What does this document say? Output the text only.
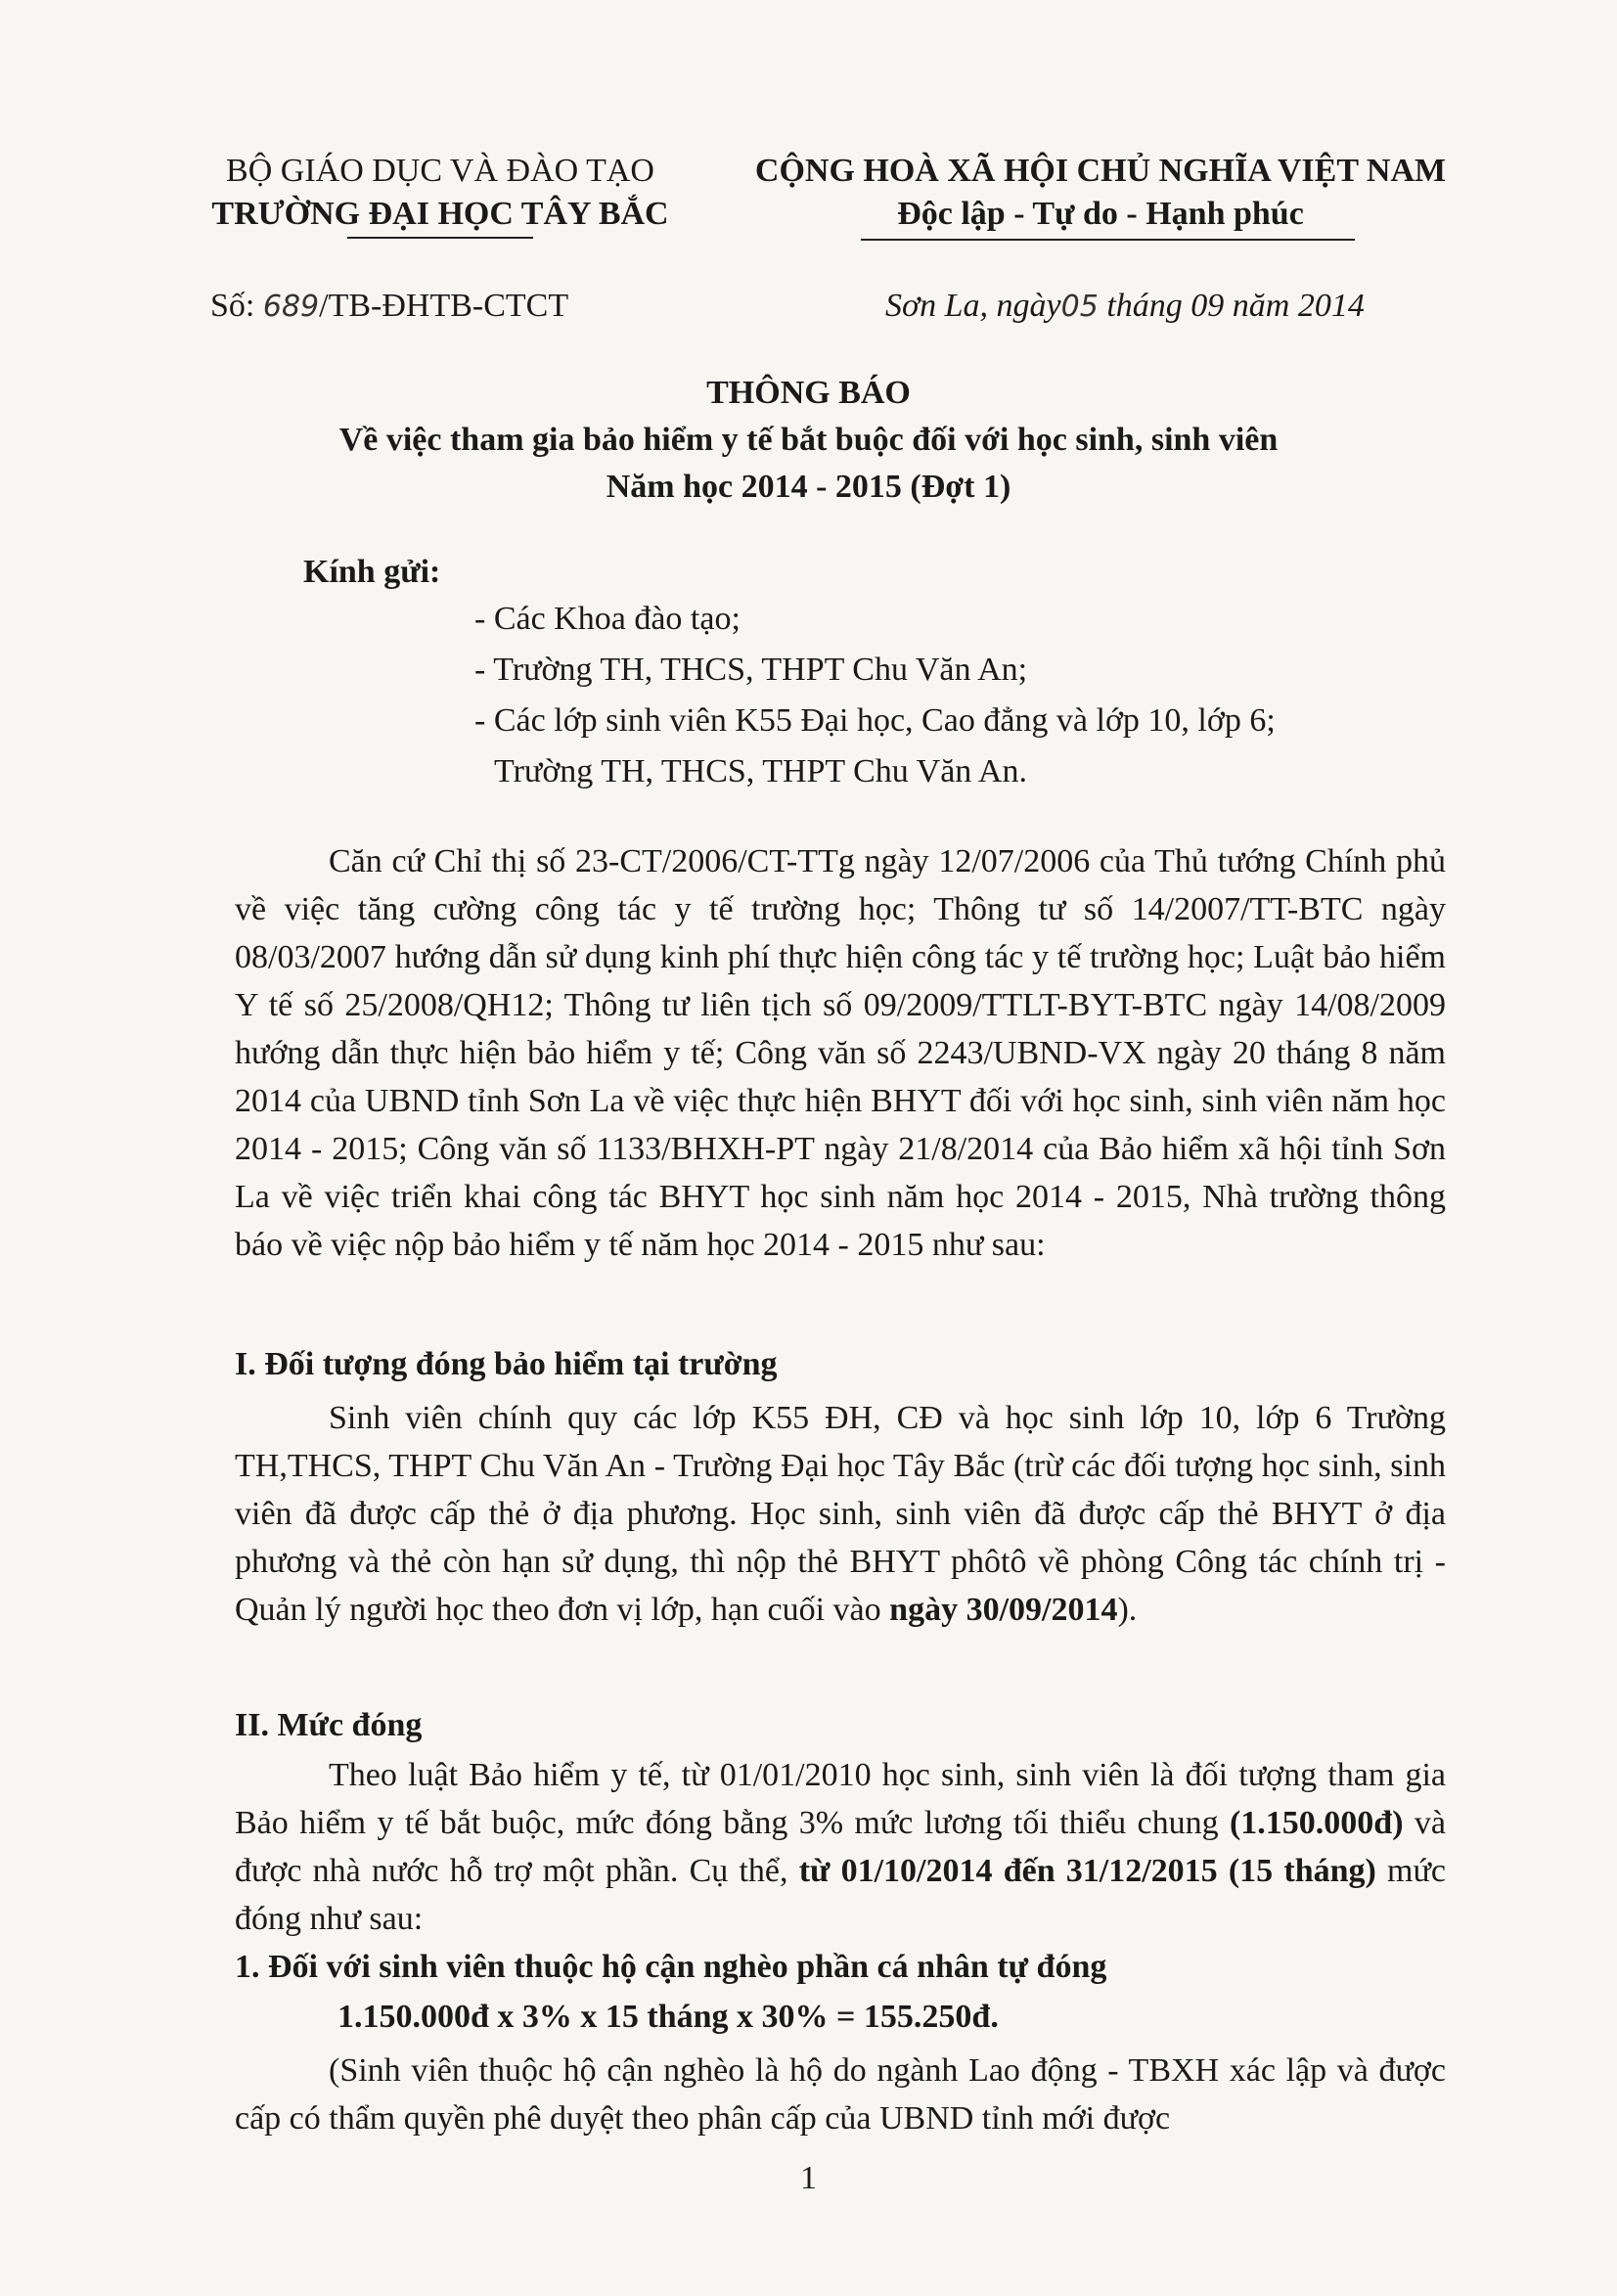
BỘ GIÁO DỤC VÀ ĐÀO TẠO
TRƯỜNG ĐẠI HỌC TÂY BẮC
CỘNG HOÀ XÃ HỘI CHỦ NGHĨA VIỆT NAM
Độc lập - Tự do - Hạnh phúc
Số: 689/TB-ĐHTB-CTCT	Sơn La, ngày05 tháng 09 năm 2014
THÔNG BÁO
Về việc tham gia bảo hiểm y tế bắt buộc đối với học sinh, sinh viên
Năm học 2014 - 2015 (Đợt 1)
Kính gửi:
- Các Khoa đào tạo;
- Trường TH, THCS, THPT Chu Văn An;
- Các lớp sinh viên K55 Đại học, Cao đẳng và lớp 10, lớp 6;
Trường TH, THCS, THPT Chu Văn An.

Căn cứ Chỉ thị số 23-CT/2006/CT-TTg ngày 12/07/2006 của Thủ tướng Chính phủ về việc tăng cường công tác y tế trường học; Thông tư số 14/2007/TT-BTC ngày 08/03/2007 hướng dẫn sử dụng kinh phí thực hiện công tác y tế trường học; Luật bảo hiểm Y tế số 25/2008/QH12; Thông tư liên tịch số 09/2009/TTLT-BYT-BTC ngày 14/08/2009 hướng dẫn thực hiện bảo hiểm y tế; Công văn số 2243/UBND-VX ngày 20 tháng 8 năm 2014 của UBND tỉnh Sơn La về việc thực hiện BHYT đối với học sinh, sinh viên năm học 2014 - 2015; Công văn số 1133/BHXH-PT ngày 21/8/2014 của Bảo hiểm xã hội tỉnh Sơn La về việc triển khai công tác BHYT học sinh năm học 2014 - 2015, Nhà trường thông báo về việc nộp bảo hiểm y tế năm học 2014 - 2015 như sau:

I. Đối tượng đóng bảo hiểm tại trường

Sinh viên chính quy các lớp K55 ĐH, CĐ và học sinh lớp 10, lớp 6 Trường TH,THCS, THPT Chu Văn An - Trường Đại học Tây Bắc (trừ các đối tượng học sinh, sinh viên đã được cấp thẻ ở địa phương. Học sinh, sinh viên đã được cấp thẻ BHYT ở địa phương và thẻ còn hạn sử dụng, thì nộp thẻ BHYT phôtô về phòng Công tác chính trị - Quản lý người học theo đơn vị lớp, hạn cuối vào ngày 30/09/2014).

II. Mức đóng

Theo luật Bảo hiểm y tế, từ 01/01/2010 học sinh, sinh viên là đối tượng tham gia Bảo hiểm y tế bắt buộc, mức đóng bằng 3% mức lương tối thiểu chung (1.150.000đ) và được nhà nước hỗ trợ một phần. Cụ thể, từ 01/10/2014 đến 31/12/2015 (15 tháng) mức đóng như sau:

1. Đối với sinh viên thuộc hộ cận nghèo phần cá nhân tự đóng
1.150.000đ x 3% x 15 tháng x 30% = 155.250đ.

(Sinh viên thuộc hộ cận nghèo là hộ do ngành Lao động - TBXH xác lập và được cấp có thẩm quyền phê duyệt theo phân cấp của UBND tỉnh mới được

1
